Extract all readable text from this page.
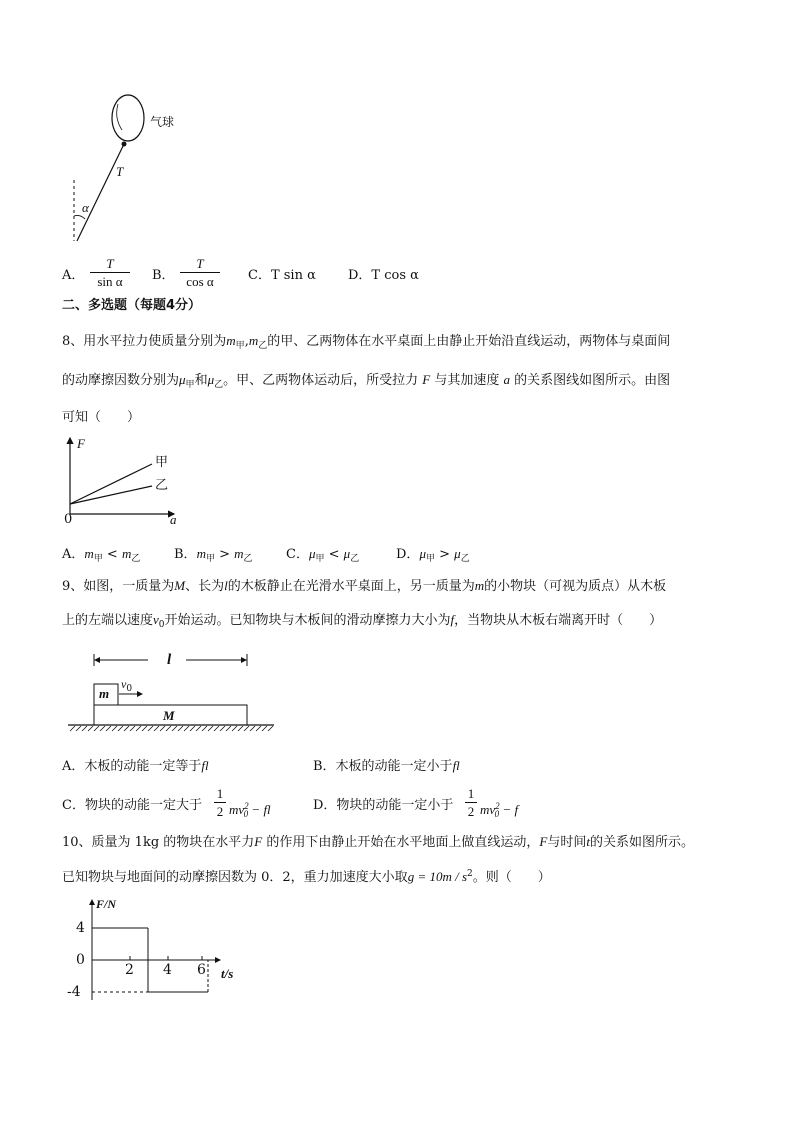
气球
T
α
A．
T
sin α	B．
T
cos α	C．T sin α D．T cos α
二、多选题（每题4分）
8、用水平拉力使质量分别为$m_甲,m_乙$的甲、乙两物体在水平桌面上由静止开始沿直线运动，两物体与桌面间
的动摩擦因数分别为$\mu_甲$和$\mu_乙$。甲、乙两物体运动后，所受拉力 F 与其加速度 a 的关系图线如图所示。由图
可知（　　）
F
0	a
甲
乙
A．$m_甲 < m_乙$	B．$m_甲 > m_乙$	C．$\mu_甲 < \mu_乙$	D．$\mu_甲 > \mu_乙$
9、如图，一质量为M、长为l的木板静止在光滑水平桌面上，另一质量为m的小物块（可视为质点）从木板
上的左端以速度$v_0$开始运动。已知物块与木板间的滑动摩擦力大小为f，当物块从木板右端离开时（　　）
l
m
$v_0$
M
A．木板的动能一定等于fl	B．木板的动能一定小于fl
C．物块的动能一定大于
1
2 $mv^2_0$ − fl	D．物块的动能一定小于
1
2 $mv^2_0 - f$
10、质量为 1kg 的物块在水平力F 的作用下由静止开始在水平地面上做直线运动，F与时间t的关系如图所示。
已知物块与地面间的动摩擦因数为 0．2，重力加速度大小取$g = 10m / s^2$。则（　　）
F/N
4
0
-4
2 4 6 t/s
